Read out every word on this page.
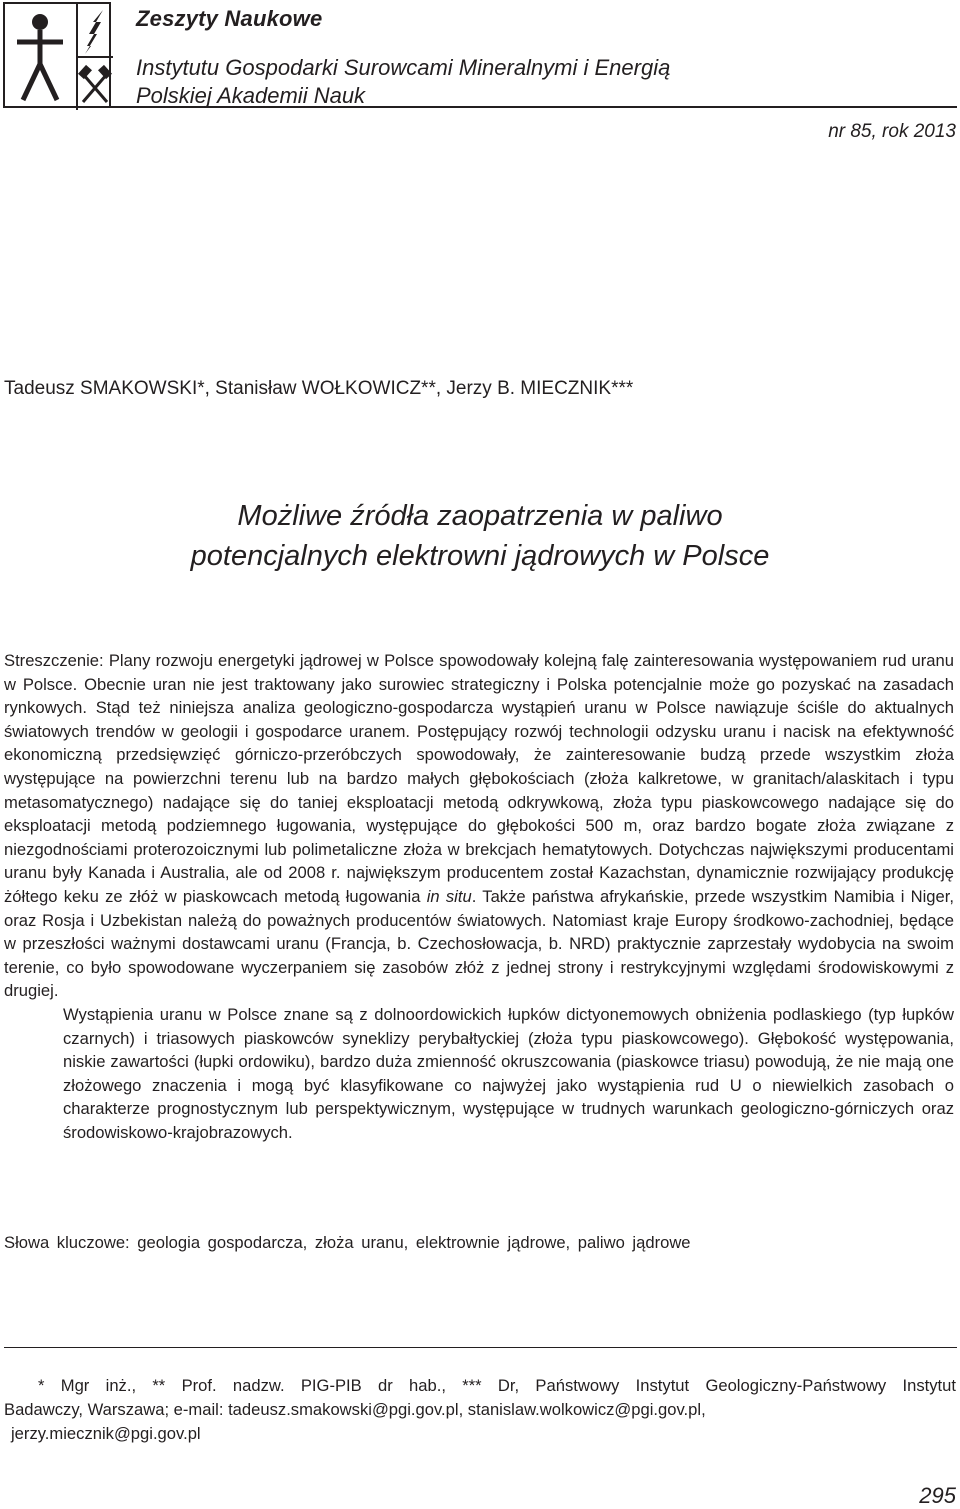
Zeszyty Naukowe
Instytutu Gospodarki Surowcami Mineralnymi i Energią
Polskiej Akademii Nauk
nr 85, rok 2013
Tadeusz SMAKOWSKI*, Stanisław WOŁKOWICZ**, Jerzy B. MIECZNIK***
Możliwe źródła zaopatrzenia w paliwo
potencjalnych elektrowni jądrowych w Polsce

Streszczenie: Plany rozwoju energetyki jądrowej w Polsce spowodowały kolejną falę zainteresowania występowaniem rud uranu w Polsce. Obecnie uran nie jest traktowany jako surowiec strategiczny i Polska potencjalnie może go pozyskać na zasadach rynkowych. Stąd też niniejsza analiza geologiczno-gospodarcza wystąpień uranu w Polsce nawiązuje ściśle do aktualnych światowych trendów w geologii i gospodarce uranem. Postępujący rozwój technologii odzysku uranu i nacisk na efektywność ekonomiczną przedsięwzięć górniczo-przeróbczych spowodowały, że zainteresowanie budzą przede wszystkim złoża występujące na powierzchni terenu lub na bardzo małych głębokościach (złoża kalkretowe, w granitach/alaskitach i typu metasomatycznego) nadające się do taniej eksploatacji metodą odkrywkową, złoża typu piaskowcowego nadające się do eksploatacji metodą podziemnego ługowania, występujące do głębokości 500 m, oraz bardzo bogate złoża związane z niezgodnościami proterozoicznymi lub polimetaliczne złoża w brekcjach hematytowych. Dotychczas największymi producentami uranu były Kanada i Australia, ale od 2008 r. największym producentem został Kazachstan, dynamicznie rozwijający produkcję żółtego keku ze złóż w piaskowcach metodą ługowania in situ. Także państwa afrykańskie, przede wszystkim Namibia i Niger, oraz Rosja i Uzbekistan należą do poważnych producentów światowych. Natomiast kraje Europy środkowo-zachodniej, będące w przeszłości ważnymi dostawcami uranu (Francja, b. Czechosłowacja, b. NRD) praktycznie zaprzestały wydobycia na swoim terenie, co było spowodowane wyczerpaniem się zasobów złóż z jednej strony i restrykcyjnymi względami środowiskowymi z drugiej.

Wystąpienia uranu w Polsce znane są z dolnoordowickich łupków dictyonemowych obniżenia podlaskiego (typ łupków czarnych) i triasowych piaskowców syneklizy perybałtyckiej (złoża typu piaskowcowego). Głębokość występowania, niskie zawartości (łupki ordowiku), bardzo duża zmienność okruszcowania (piaskowce triasu) powodują, że nie mają one złożowego znaczenia i mogą być klasyfikowane co najwyżej jako wystąpienia rud U o niewielkich zasobach o charakterze prognostycznym lub perspektywicznym, występujące w trudnych warunkach geologiczno-górniczych oraz środowiskowo-krajobrazowych.

Słowa kluczowe: geologia gospodarcza, złoża uranu, elektrownie jądrowe, paliwo jądrowe
* Mgr inż., ** Prof. nadzw. PIG-PIB dr hab., *** Dr, Państwowy Instytut Geologiczny-Państwowy Instytut
Badawczy, Warszawa; e-mail: tadeusz.smakowski@pgi.gov.pl, stanislaw.wolkowicz@pgi.gov.pl,
jerzy.miecznik@pgi.gov.pl
295
